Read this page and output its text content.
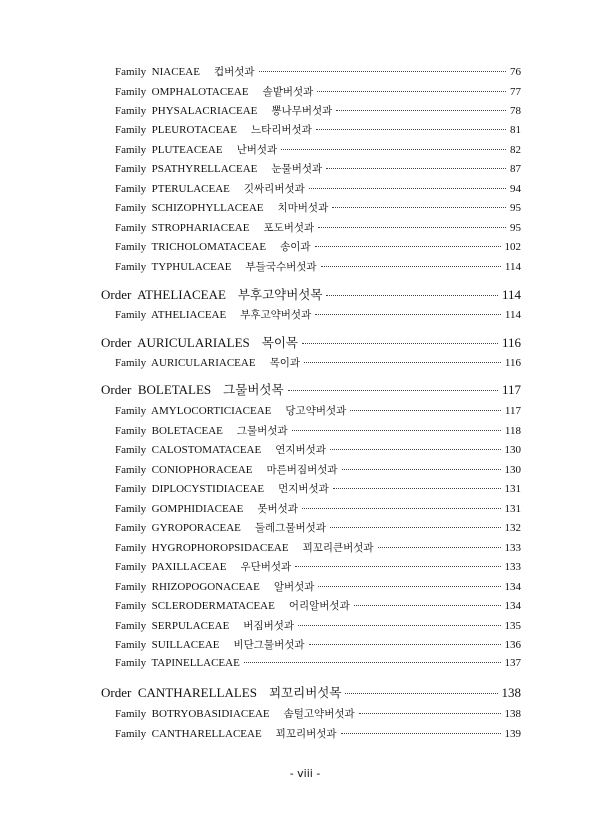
Family  NIACEAE 컵버섯과	76
Family  OMPHALOTACEAE 솔밭버섯과	77
Family  PHYSALACRIACEAE 뽕나무버섯과	78
Family  PLEUROTACEAE 느타리버섯과	81
Family  PLUTEACEAE 난버섯과	82
Family  PSATHYRELLACEAE 눈물버섯과	87
Family  PTERULACEAE 깃싸리버섯과	94
Family  SCHIZOPHYLLACEAE 치마버섯과	95
Family  STROPHARIACEAE 포도버섯과	95
Family  TRICHOLOMATACEAE 송이과	102
Family  TYPHULACEAE 부들국수버섯과	114
Order  ATHELIACEAE 부후고약버섯목	114
Family  ATHELIACEAE 부후고약버섯과	114
Order  AURICULARIALES 목이목	116
Family  AURICULARIACEAE 목이과	116
Order  BOLETALES 그물버섯목	117
Family  AMYLOCORTICIACEAE 당고약버섯과	117
Family  BOLETACEAE 그물버섯과	118
Family  CALOSTOMATACEAE 연지버섯과	130
Family  CONIOPHORACEAE 마른버짐버섯과	130
Family  DIPLOCYSTIDIACEAE 먼지버섯과	131
Family  GOMPHIDIACEAE 못버섯과	131
Family  GYROPORACEAE 둘레그물버섯과	132
Family  HYGROPHOROPSIDACEAE 꾀꼬리큰버섯과	133
Family  PAXILLACEAE 우단버섯과	133
Family  RHIZOPOGONACEAE 알버섯과	134
Family  SCLERODERMATACEAE 어리알버섯과	134
Family  SERPULACEAE 버짐버섯과	135
Family  SUILLACEAE 비단그물버섯과	136
Family  TAPINELLACEAE	137
Order  CANTHARELLALES 꾀꼬리버섯목	138
Family  BOTRYOBASIDIACEAE 솜털고약버섯과	138
Family  CANTHARELLACEAE 꾀꼬리버섯과	139
- viii -
